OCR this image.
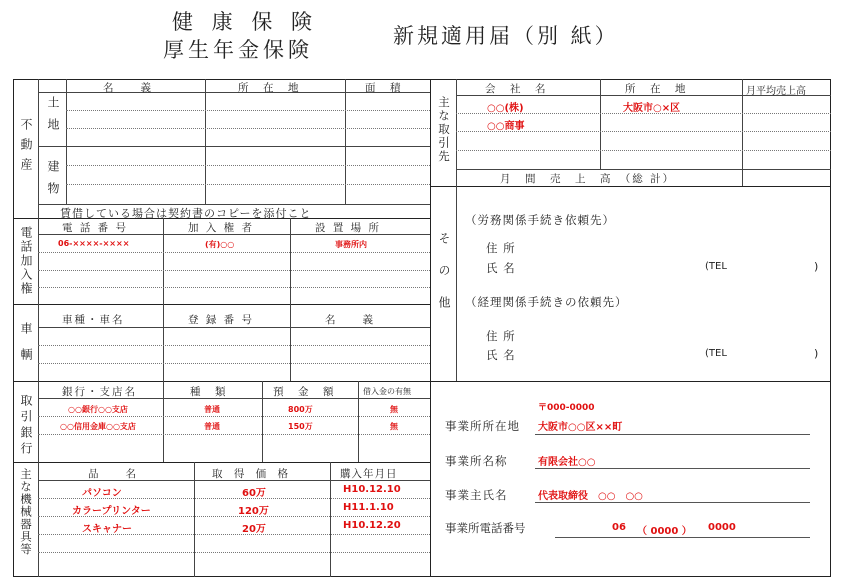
健 康 保 険
厚生年金保険
新規適用届（別 紙）
不動産 土地
建物
名　　義	所　在　地	面　積
賃借している場合は契約書のコピーを添付こと
電話加入権	電 話 番 号	加 入 権 者	設 置 場 所
06-××××-××××	(有)○○	事務所内
車輌
車種・車名	登 録 番 号	名　　義
取引銀行
銀行・支店名	種　類	預　金　額	借入金の有無
○○銀行○○支店	普通	800万	無
○○信用金庫○○支店	普通	150万	無
主な機械器具等	品　　名	取 得 価 格	購入年月日
パソコン	60万	H10.12.10
カラープリンター	120万	H11.1.10
スキャナー	20万	H10.12.20
主な取引先
会　社　名	所　在　地	月平均売上高
○○(株)	大阪市○×区
○○商事
月　間　売　上　高　（総 計）
その他
（労務関係手続き依頼先）
住 所
氏 名	(TEL	)
（経理関係手続きの依頼先）
住 所
氏 名	(TEL	)
〒000-0000
事業所所在地 大阪市○○区××町
事業所名称	有限会社○○
事業主氏名	代表取締役　○○　○○
事業所電話番号	06 （ 0000 ） 0000
